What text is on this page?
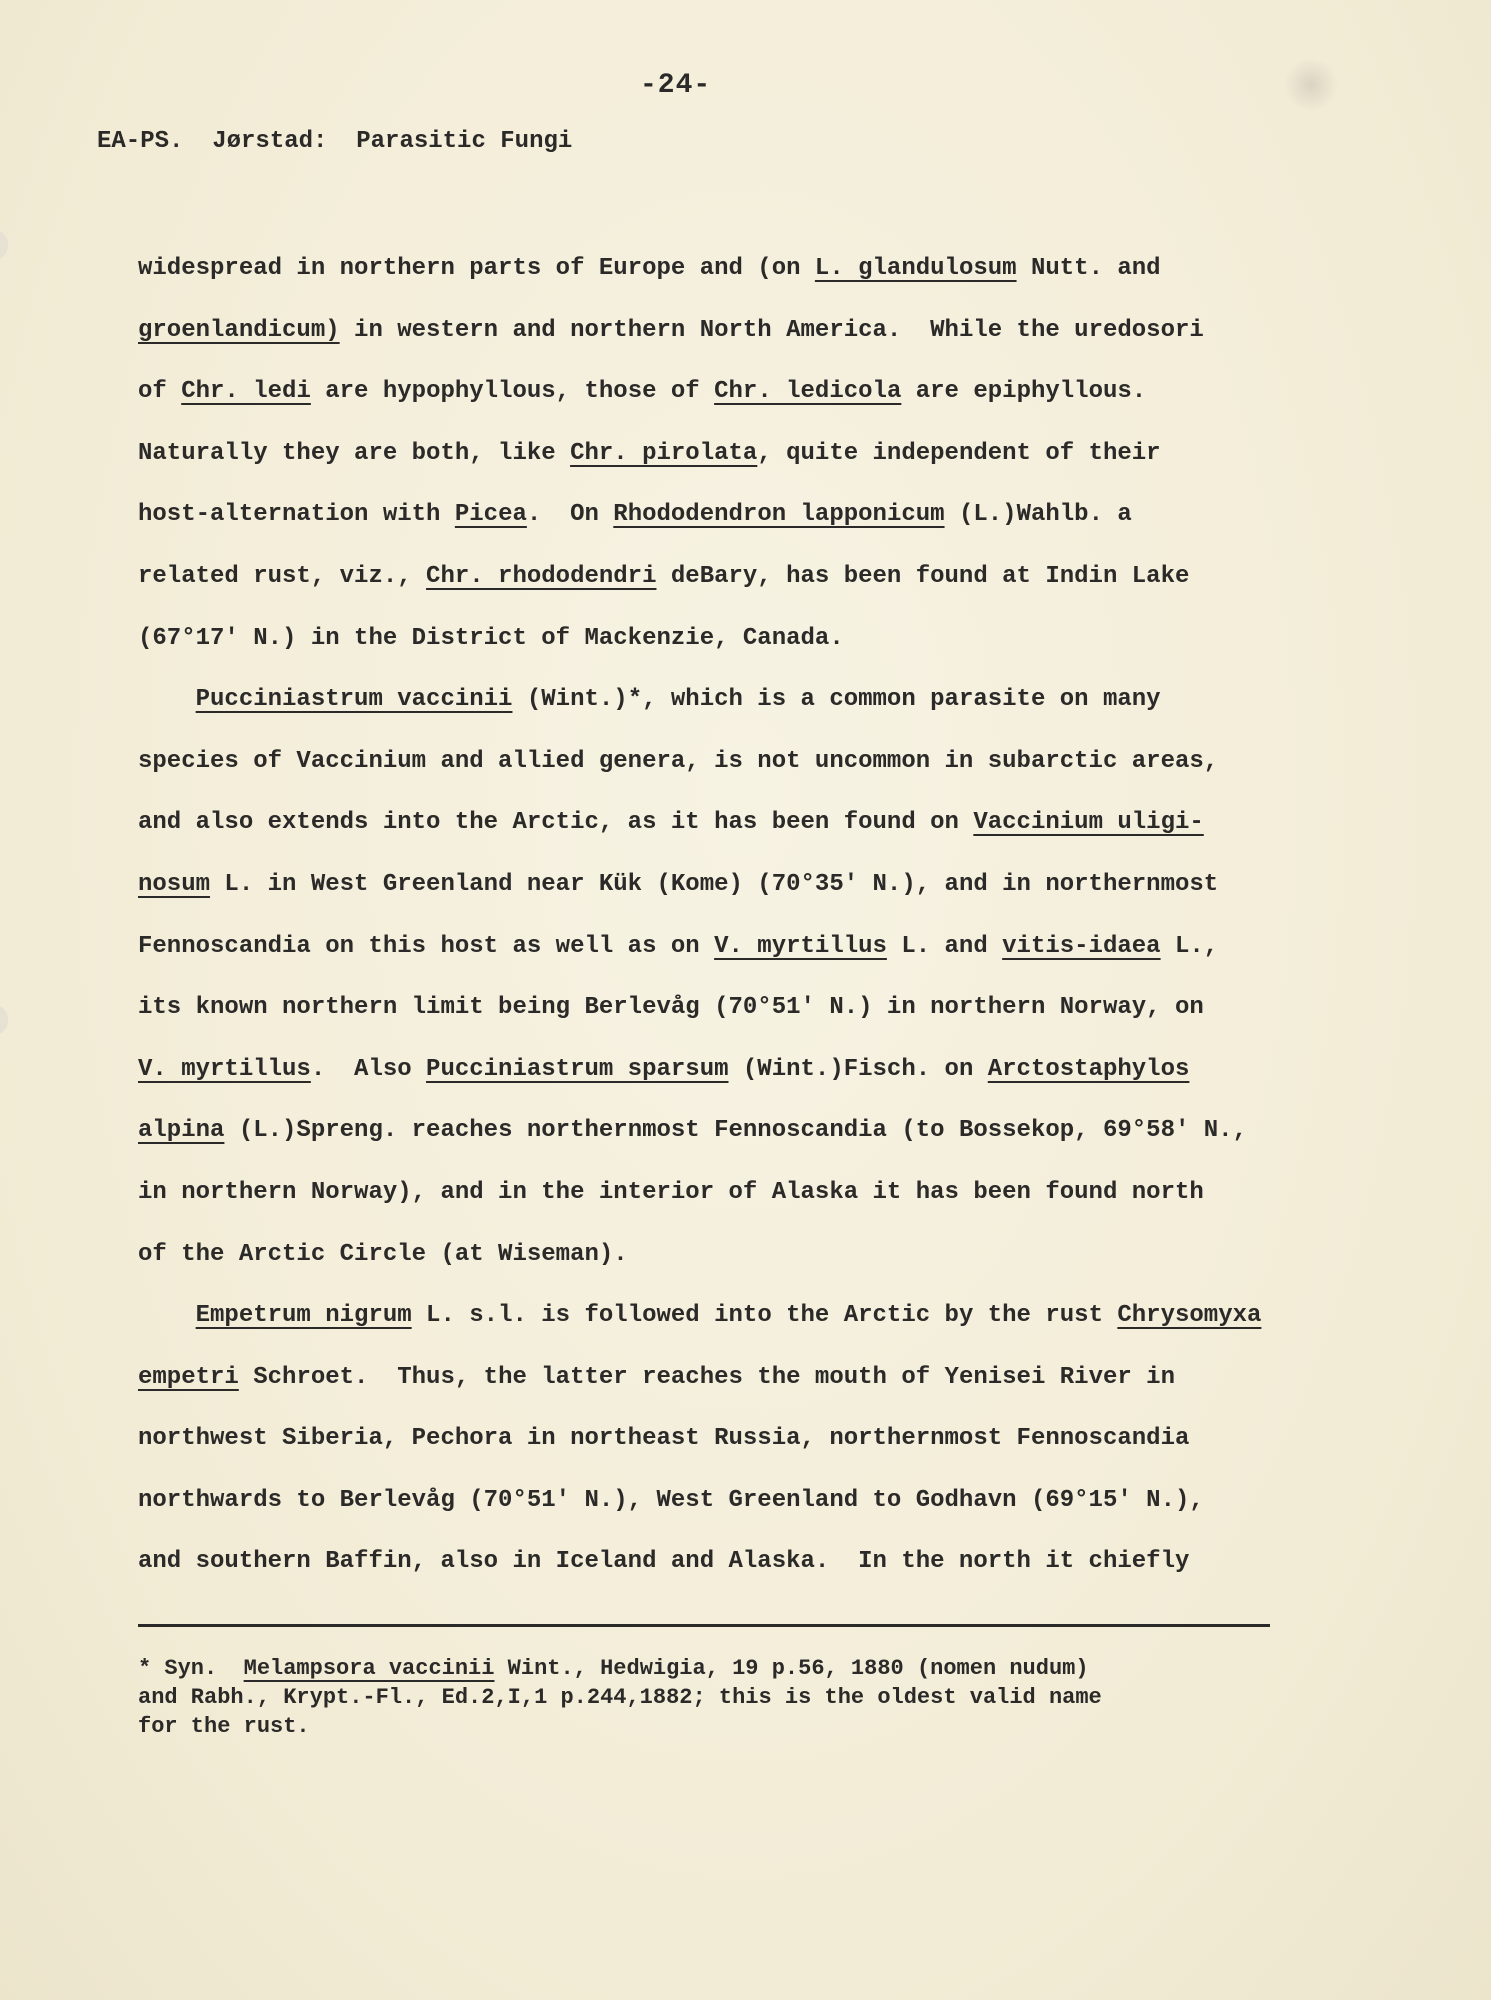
-24-
EA-PS.  Jørstad:  Parasitic Fungi
widespread in northern parts of Europe and (on L. glandulosum Nutt. and
groenlandicum) in western and northern North America.  While the uredosori
of Chr. ledi are hypophyllous, those of Chr. ledicola are epiphyllous.
Naturally they are both, like Chr. pirolata, quite independent of their
host-alternation with Picea.  On Rhododendron lapponicum (L.)Wahlb. a
related rust, viz., Chr. rhododendri deBary, has been found at Indin Lake
(67°17' N.) in the District of Mackenzie, Canada.
Pucciniastrum vaccinii (Wint.)*, which is a common parasite on many
species of Vaccinium and allied genera, is not uncommon in subarctic areas,
and also extends into the Arctic, as it has been found on Vaccinium uligi-
nosum L. in West Greenland near Kük (Kome) (70°35' N.), and in northernmost
Fennoscandia on this host as well as on V. myrtillus L. and vitis-idaea L.,
its known northern limit being Berlevåg (70°51' N.) in northern Norway, on
V. myrtillus.  Also Pucciniastrum sparsum (Wint.)Fisch. on Arctostaphylos
alpina (L.)Spreng. reaches northernmost Fennoscandia (to Bossekop, 69°58' N.,
in northern Norway), and in the interior of Alaska it has been found north
of the Arctic Circle (at Wiseman).
Empetrum nigrum L. s.l. is followed into the Arctic by the rust Chrysomyxa
empetri Schroet.  Thus, the latter reaches the mouth of Yenisei River in
northwest Siberia, Pechora in northeast Russia, northernmost Fennoscandia
northwards to Berlevåg (70°51' N.), West Greenland to Godhavn (69°15' N.),
and southern Baffin, also in Iceland and Alaska.  In the north it chiefly
* Syn.  Melampsora vaccinii Wint., Hedwigia, 19 p.56, 1880 (nomen nudum)
and Rabh., Krypt.-Fl., Ed.2,I,1 p.244,1882; this is the oldest valid name
for the rust.
